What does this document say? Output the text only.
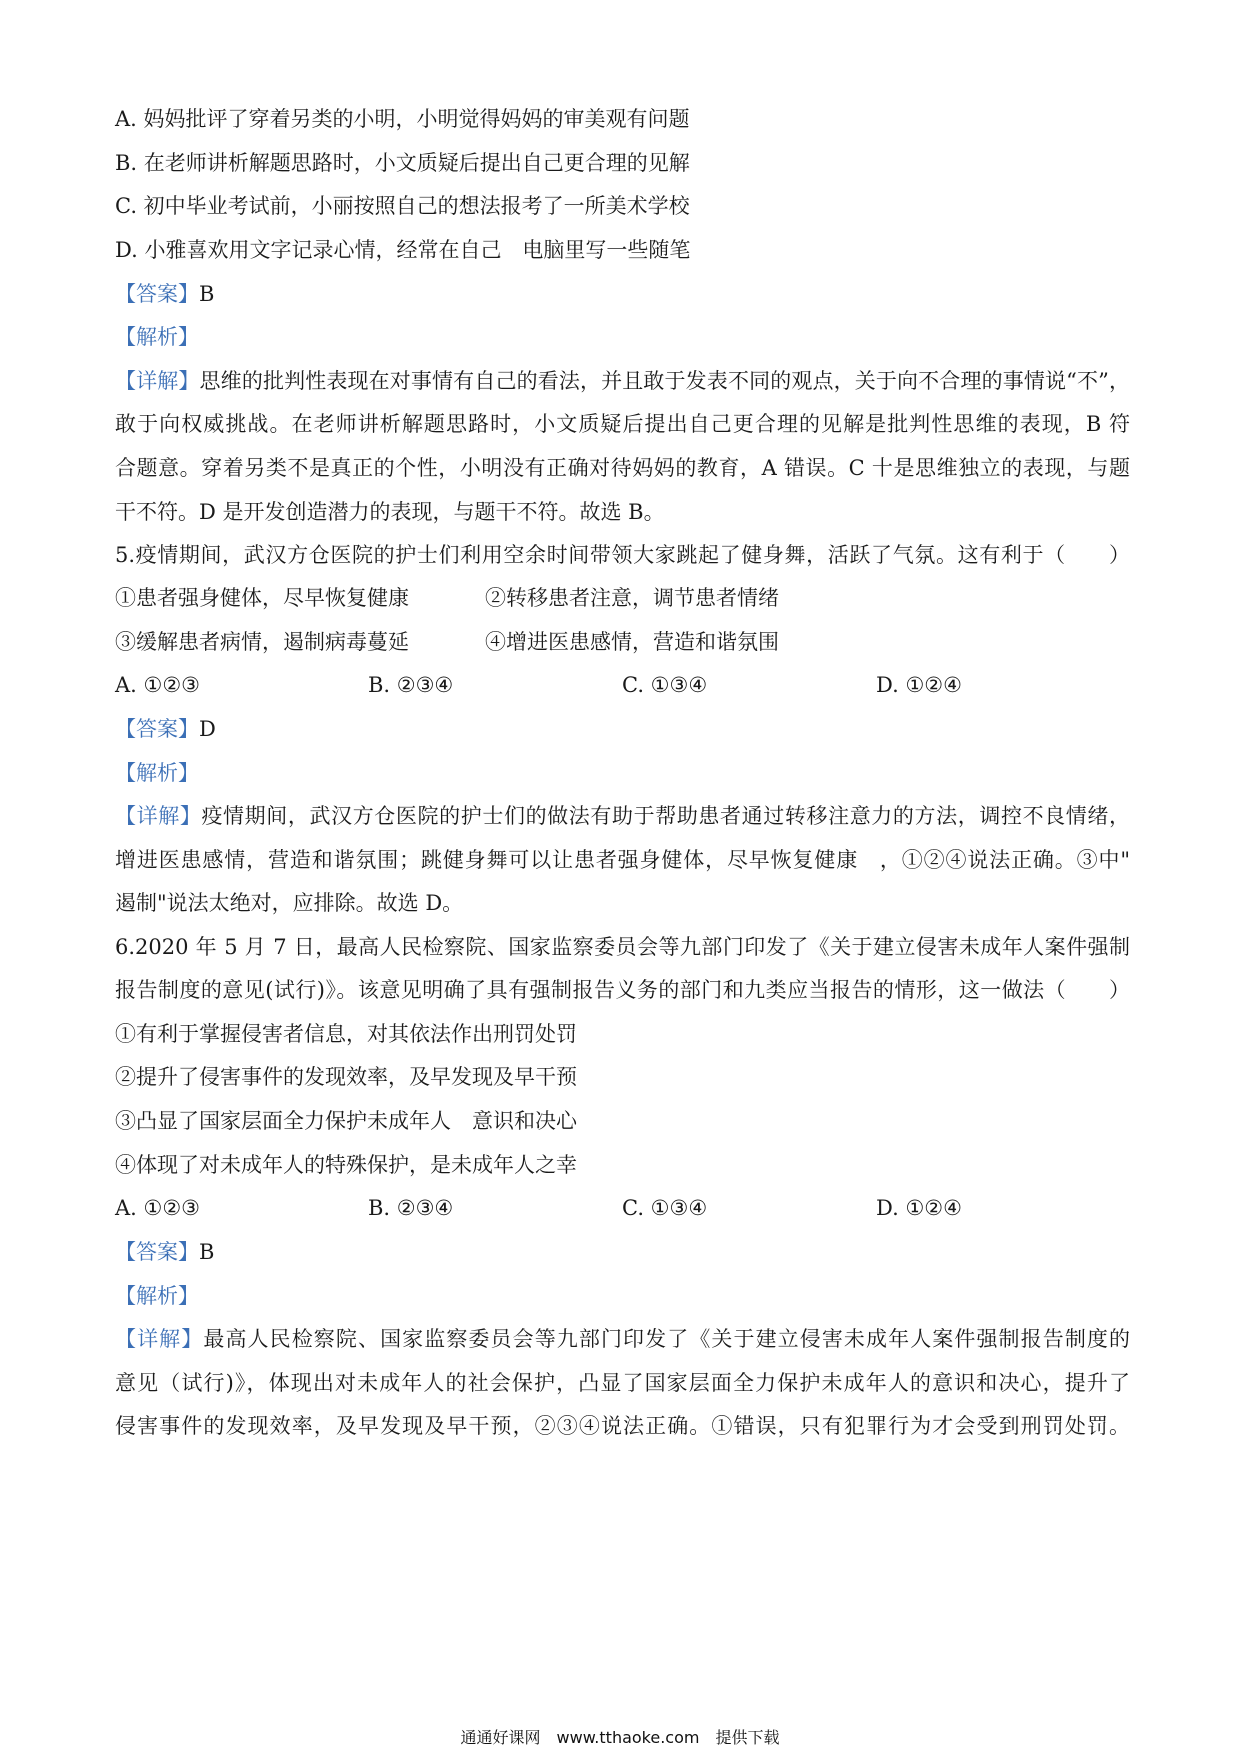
A. 妈妈批评了穿着另类的小明，小明觉得妈妈的审美观有问题
B. 在老师讲析解题思路时，小文质疑后提出自己更合理的见解
C. 初中毕业考试前，小丽按照自己的想法报考了一所美术学校
D. 小雅喜欢用文字记录心情，经常在自己　电脑里写一些随笔
【答案】B
【解析】
【详解】思维的批判性表现在对事情有自己的看法，并且敢于发表不同的观点，关于向不合理的事情说“不”，
敢于向权威挑战。在老师讲析解题思路时，小文质疑后提出自己更合理的见解是批判性思维的表现，B 符
合题意。穿着另类不是真正的个性，小明没有正确对待妈妈的教育，A 错误。C 十是思维独立的表现，与题
干不符。D 是开发创造潜力的表现，与题干不符。故选 B。
5.疫情期间，武汉方仓医院的护士们利用空余时间带领大家跳起了健身舞，活跃了气氛。这有利于（　　）
①患者强身健体，尽早恢复健康	②转移患者注意，调节患者情绪
③缓解患者病情，遏制病毒蔓延	④增进医患感情，营造和谐氛围
A. ①②③	B. ②③④	C. ①③④	D. ①②④
【答案】D
【解析】
【详解】疫情期间，武汉方仓医院的护士们的做法有助于帮助患者通过转移注意力的方法，调控不良情绪，
增进医患感情，营造和谐氛围；跳健身舞可以让患者强身健体，尽早恢复健康　，①②④说法正确。③中"
遏制"说法太绝对，应排除。故选 D。
6.2020 年 5 月 7 日，最高人民检察院、国家监察委员会等九部门印发了《关于建立侵害未成年人案件强制
报告制度的意见(试行)》。该意见明确了具有强制报告义务的部门和九类应当报告的情形，这一做法（　　）
①有利于掌握侵害者信息，对其依法作出刑罚处罚
②提升了侵害事件的发现效率，及早发现及早干预
③凸显了国家层面全力保护未成年人　意识和决心
④体现了对未成年人的特殊保护，是未成年人之幸
A. ①②③	B. ②③④	C. ①③④	D. ①②④
【答案】B
【解析】
【详解】最高人民检察院、国家监察委员会等九部门印发了《关于建立侵害未成年人案件强制报告制度的
意见（试行)》，体现出对未成年人的社会保护，凸显了国家层面全力保护未成年人的意识和决心，提升了
侵害事件的发现效率，及早发现及早干预，②③④说法正确。①错误，只有犯罪行为才会受到刑罚处罚。
通通好课网　www.tthaoke.com　提供下载
